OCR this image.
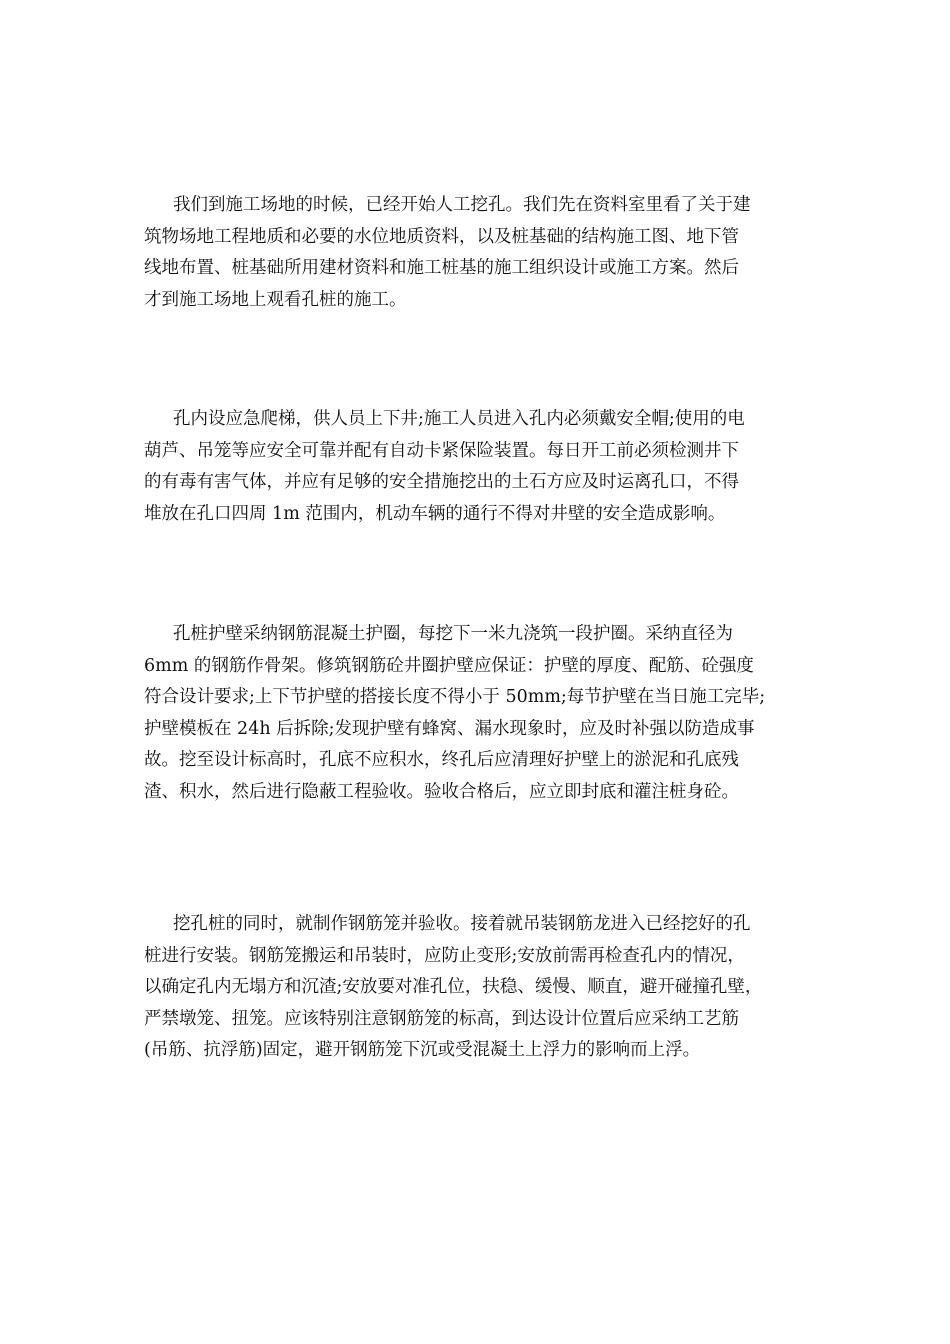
我们到施工场地的时候，已经开始人工挖孔。我们先在资料室里看了关于建
筑物场地工程地质和必要的水位地质资料，以及桩基础的结构施工图、地下管
线地布置、桩基础所用建材资料和施工桩基的施工组织设计或施工方案。然后
才到施工场地上观看孔桩的施工。
孔内设应急爬梯，供人员上下井;施工人员进入孔内必须戴安全帽;使用的电
葫芦、吊笼等应安全可靠并配有自动卡紧保险装置。每日开工前必须检测井下
的有毒有害气体，并应有足够的安全措施挖出的土石方应及时运离孔口，不得
堆放在孔口四周 1m 范围内，机动车辆的通行不得对井壁的安全造成影响。
孔桩护壁采纳钢筋混凝土护圈，每挖下一米九浇筑一段护圈。采纳直径为
6mm 的钢筋作骨架。修筑钢筋砼井圈护壁应保证：护壁的厚度、配筋、砼强度
符合设计要求;上下节护壁的搭接长度不得小于 50mm;每节护壁在当日施工完毕;
护壁模板在 24h 后拆除;发现护壁有蜂窝、漏水现象时，应及时补强以防造成事
故。挖至设计标高时，孔底不应积水，终孔后应清理好护壁上的淤泥和孔底残
渣、积水，然后进行隐蔽工程验收。验收合格后，应立即封底和灌注桩身砼。
挖孔桩的同时，就制作钢筋笼并验收。接着就吊装钢筋龙进入已经挖好的孔
桩进行安装。钢筋笼搬运和吊装时，应防止变形;安放前需再检查孔内的情况，
以确定孔内无塌方和沉渣;安放要对准孔位，扶稳、缓慢、顺直，避开碰撞孔壁，
严禁墩笼、扭笼。应该特别注意钢筋笼的标高，到达设计位置后应采纳工艺筋
(吊筋、抗浮筋)固定，避开钢筋笼下沉或受混凝土上浮力的影响而上浮。
